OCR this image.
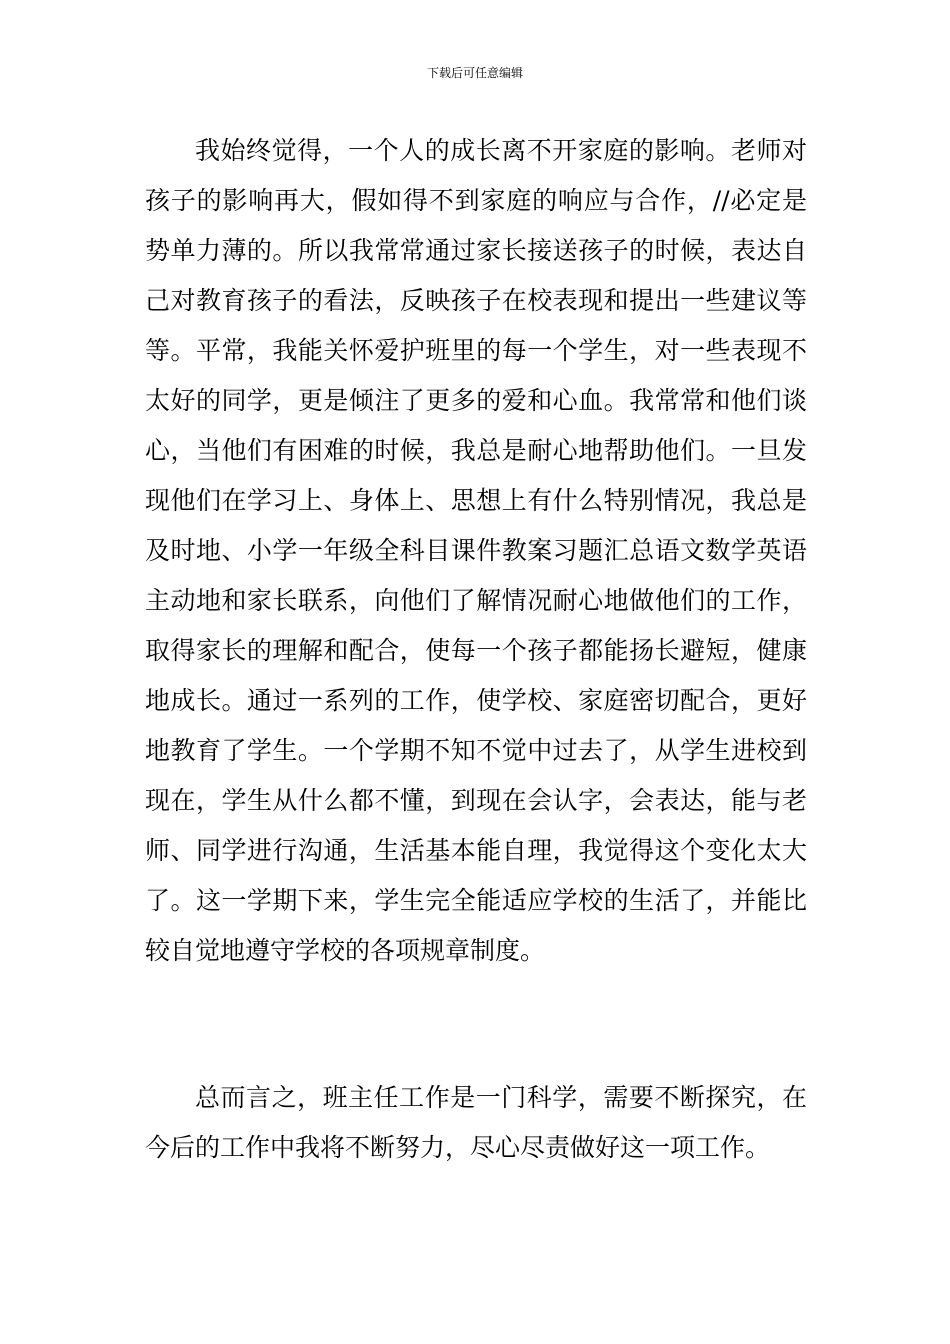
下载后可任意编辑

我始终觉得，一个人的成长离不开家庭的影响。老师对孩子的影响再大，假如得不到家庭的响应与合作，//必定是势单力薄的。所以我常常通过家长接送孩子的时候，表达自己对教育孩子的看法，反映孩子在校表现和提出一些建议等等。平常，我能关怀爱护班里的每一个学生，对一些表现不太好的同学，更是倾注了更多的爱和心血。我常常和他们谈心，当他们有困难的时候，我总是耐心地帮助他们。一旦发现他们在学习上、身体上、思想上有什么特别情况，我总是及时地、小学一年级全科目课件教案习题汇总语文数学英语主动地和家长联系，向他们了解情况耐心地做他们的工作，取得家长的理解和配合，使每一个孩子都能扬长避短，健康地成长。通过一系列的工作，使学校、家庭密切配合，更好地教育了学生。一个学期不知不觉中过去了，从学生进校到现在，学生从什么都不懂，到现在会认字，会表达，能与老师、同学进行沟通，生活基本能自理，我觉得这个变化太大了。这一学期下来，学生完全能适应学校的生活了，并能比较自觉地遵守学校的各项规章制度。

总而言之，班主任工作是一门科学，需要不断探究，在今后的工作中我将不断努力，尽心尽责做好这一项工作。
